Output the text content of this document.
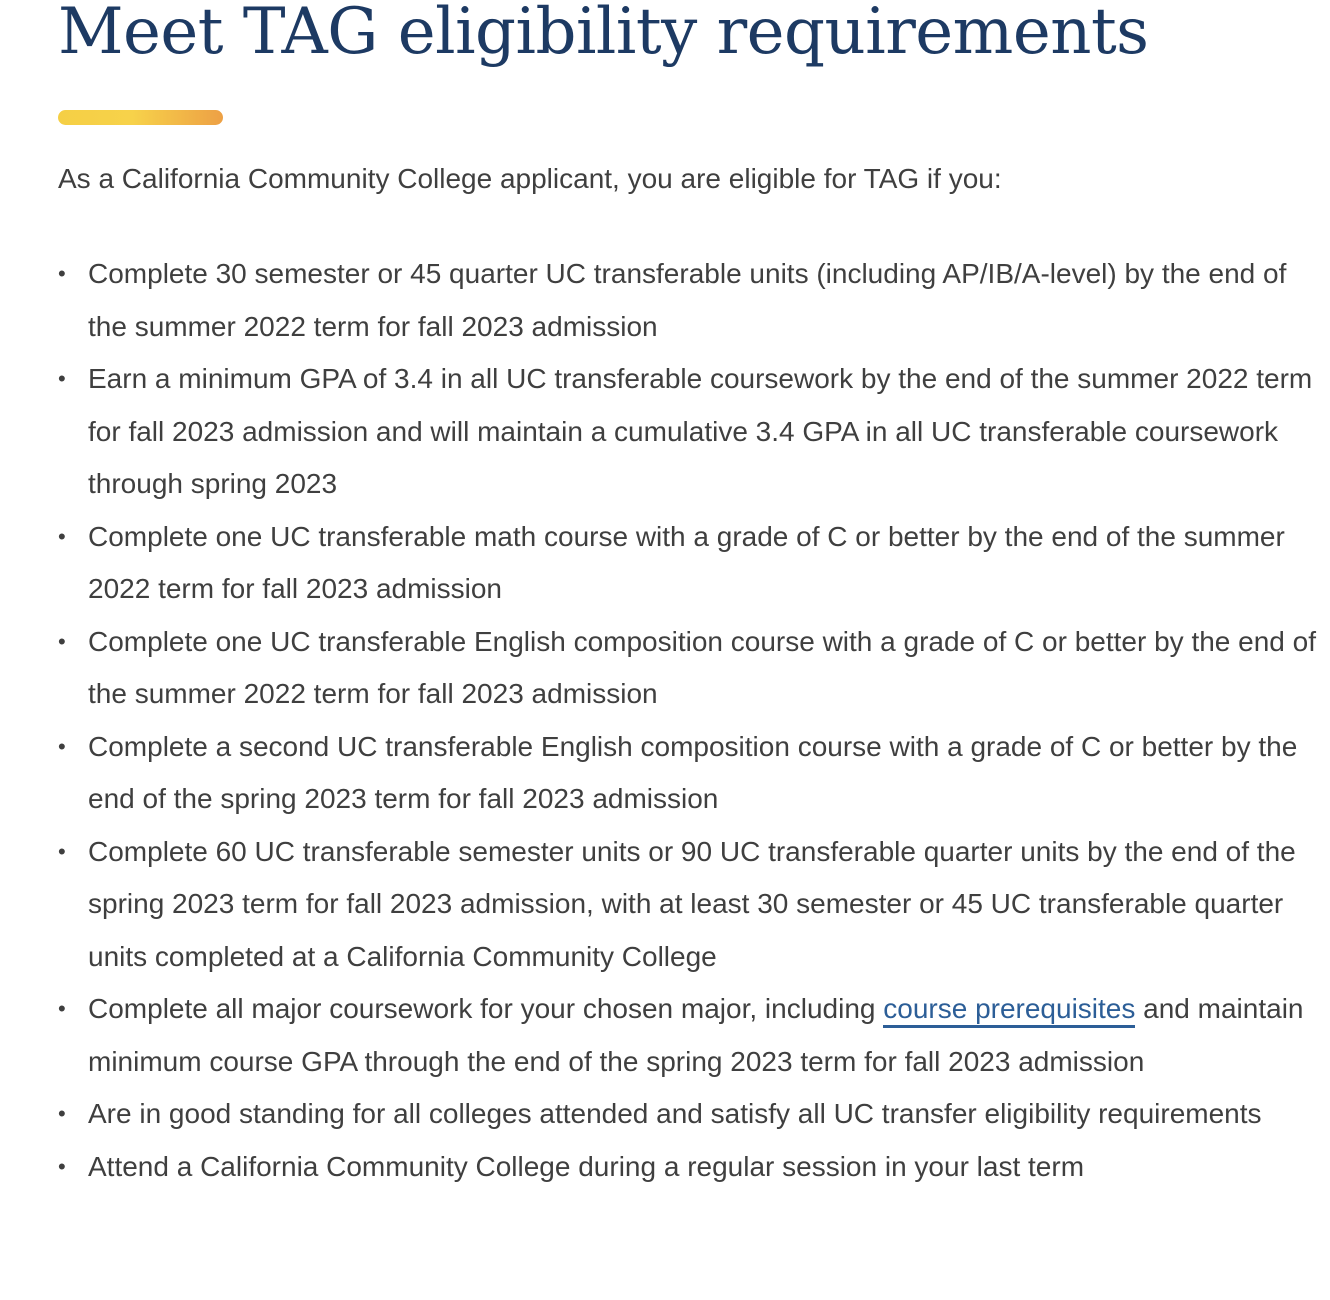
Meet TAG eligibility requirements

As a California Community College applicant, you are eligible for TAG if you:

• Complete 30 semester or 45 quarter UC transferable units (including AP/IB/A-level) by the end of the summer 2022 term for fall 2023 admission
• Earn a minimum GPA of 3.4 in all UC transferable coursework by the end of the summer 2022 term for fall 2023 admission and will maintain a cumulative 3.4 GPA in all UC transferable coursework through spring 2023
• Complete one UC transferable math course with a grade of C or better by the end of the summer 2022 term for fall 2023 admission
• Complete one UC transferable English composition course with a grade of C or better by the end of the summer 2022 term for fall 2023 admission
• Complete a second UC transferable English composition course with a grade of C or better by the end of the spring 2023 term for fall 2023 admission
• Complete 60 UC transferable semester units or 90 UC transferable quarter units by the end of the spring 2023 term for fall 2023 admission, with at least 30 semester or 45 UC transferable quarter units completed at a California Community College
• Complete all major coursework for your chosen major, including course prerequisites and maintain minimum course GPA through the end of the spring 2023 term for fall 2023 admission
• Are in good standing for all colleges attended and satisfy all UC transfer eligibility requirements
• Attend a California Community College during a regular session in your last term
